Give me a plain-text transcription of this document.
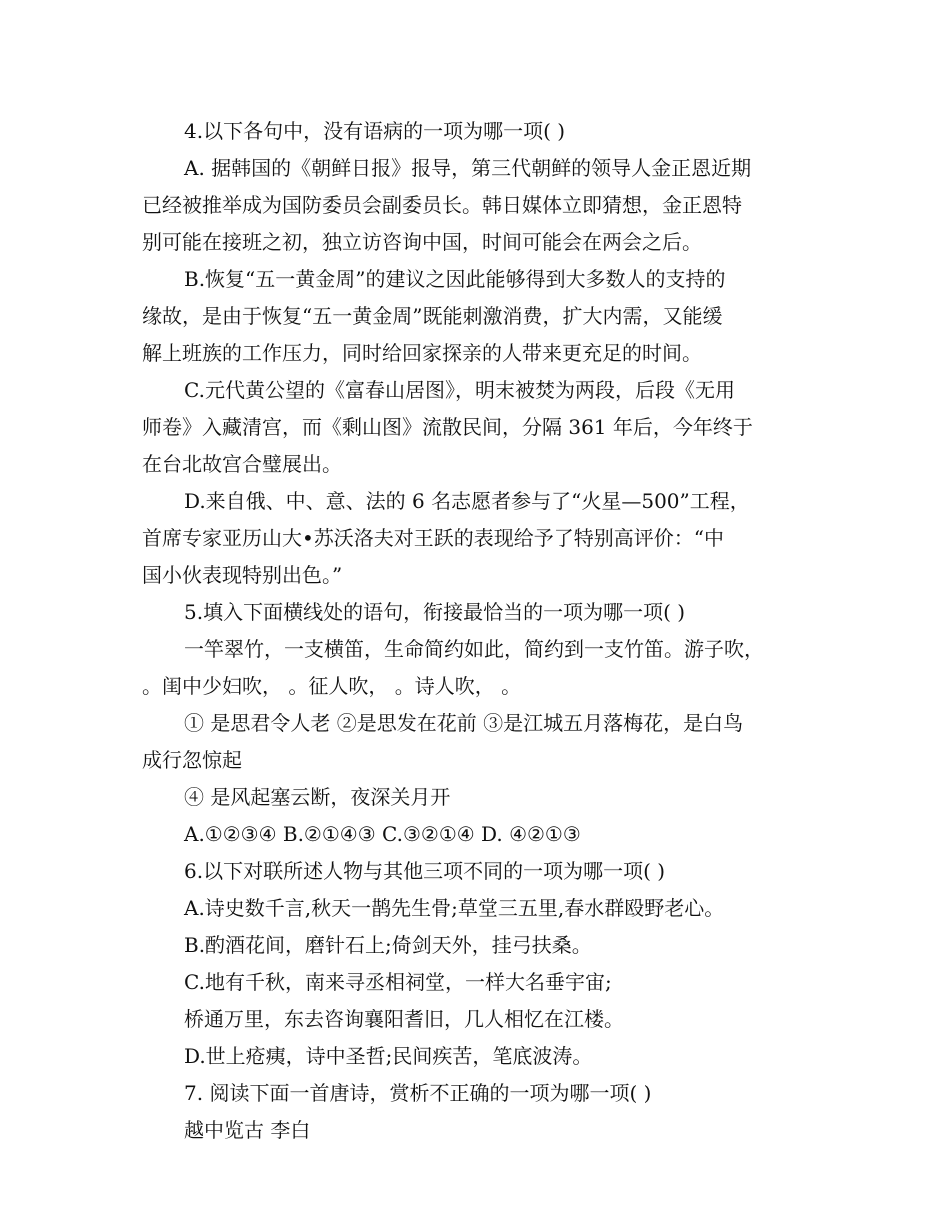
4.以下各句中，没有语病的一项为哪一项( )
A. 据韩国的《朝鲜日报》报导，第三代朝鲜的领导人金正恩近期
已经被推举成为国防委员会副委员长。韩日媒体立即猜想，金正恩特
别可能在接班之初，独立访咨询中国，时间可能会在两会之后。
B.恢复“五一黄金周”的建议之因此能够得到大多数人的支持的
缘故，是由于恢复“五一黄金周”既能刺激消费，扩大内需，又能缓
解上班族的工作压力，同时给回家探亲的人带来更充足的时间。
C.元代黄公望的《富春山居图》，明末被焚为两段，后段《无用
师卷》入藏清宫，而《剩山图》流散民间，分隔 361 年后，今年终于
在台北故宫合璧展出。
D.来自俄、中、意、法的 6 名志愿者参与了“火星—500”工程，
首席专家亚历山大•苏沃洛夫对王跃的表现给予了特别高评价：“中
国小伙表现特别出色。”
5.填入下面横线处的语句，衔接最恰当的一项为哪一项( )
一竿翠竹，一支横笛，生命简约如此，简约到一支竹笛。游子吹，
。闺中少妇吹， 。征人吹， 。诗人吹， 。
① 是思君令人老 ②是思发在花前 ③是江城五月落梅花，是白鸟
成行忽惊起
④ 是风起塞云断，夜深关月开
A.①②③④ B.②①④③ C.③②①④ D. ④②①③
6.以下对联所述人物与其他三项不同的一项为哪一项( )
A.诗史数千言,秋天一鹊先生骨;草堂三五里,春水群殴野老心。
B.酌酒花间，磨针石上;倚剑天外，挂弓扶桑。
C.地有千秋，南来寻丞相祠堂，一样大名垂宇宙;
桥通万里，东去咨询襄阳耆旧，几人相忆在江楼。
D.世上疮痍，诗中圣哲;民间疾苦，笔底波涛。
7. 阅读下面一首唐诗，赏析不正确的一项为哪一项( )
越中览古 李白
